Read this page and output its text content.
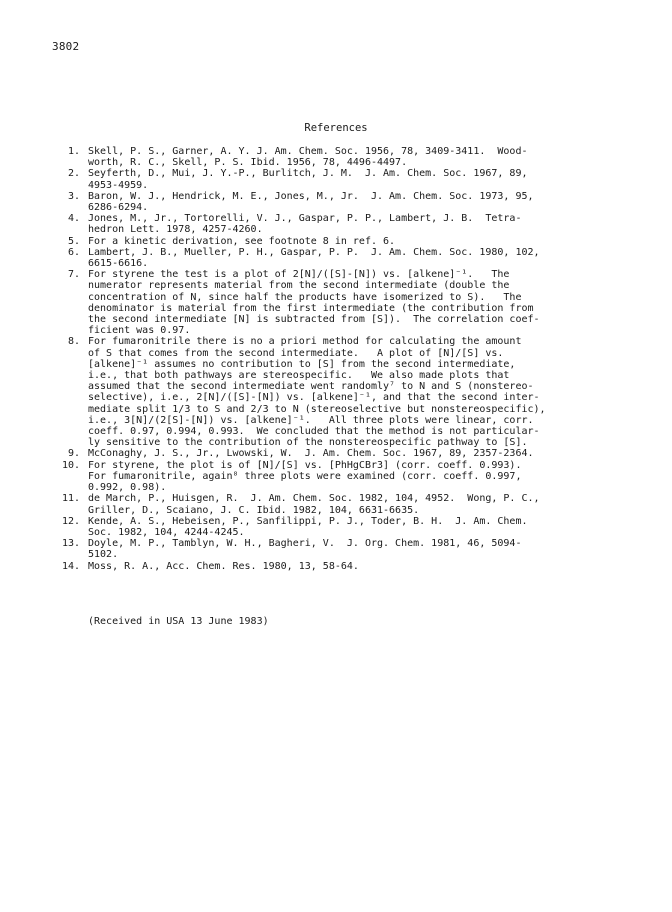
3802
References
1. Skell, P. S., Garner, A. Y. J. Am. Chem. Soc. 1956, 78, 3409-3411.  Wood-
worth, R. C., Skell, P. S. Ibid. 1956, 78, 4496-4497.
2. Seyferth, D., Mui, J. Y.-P., Burlitch, J. M.  J. Am. Chem. Soc. 1967, 89,
4953-4959.
3. Baron, W. J., Hendrick, M. E., Jones, M., Jr.  J. Am. Chem. Soc. 1973, 95,
6286-6294.
4. Jones, M., Jr., Tortorelli, V. J., Gaspar, P. P., Lambert, J. B.  Tetra-
hedron Lett. 1978, 4257-4260.
5. For a kinetic derivation, see footnote 8 in ref. 6.
6. Lambert, J. B., Mueller, P. H., Gaspar, P. P.  J. Am. Chem. Soc. 1980, 102,
6615-6616.
7. For styrene the test is a plot of 2[N]/([S]-[N]) vs. [alkene]⁻¹.   The
numerator represents material from the second intermediate (double the
concentration of N, since half the products have isomerized to S).   The
denominator is material from the first intermediate (the contribution from
the second intermediate [N] is subtracted from [S]).  The correlation coef-
ficient was 0.97.
8. For fumaronitrile there is no a priori method for calculating the amount
of S that comes from the second intermediate.   A plot of [N]/[S] vs.
[alkene]⁻¹ assumes no contribution to [S] from the second intermediate,
i.e., that both pathways are stereospecific.   We also made plots that
assumed that the second intermediate went randomly⁷ to N and S (nonstereo-
selective), i.e., 2[N]/([S]-[N]) vs. [alkene]⁻¹, and that the second inter-
mediate split 1/3 to S and 2/3 to N (stereoselective but nonstereospecific),
i.e., 3[N]/(2[S]-[N]) vs. [alkene]⁻¹.   All three plots were linear, corr.
coeff. 0.97, 0.994, 0.993.  We concluded that the method is not particular-
ly sensitive to the contribution of the nonstereospecific pathway to [S].
9. McConaghy, J. S., Jr., Lwowski, W.  J. Am. Chem. Soc. 1967, 89, 2357-2364.
10. For styrene, the plot is of [N]/[S] vs. [PhHgCBr3] (corr. coeff. 0.993).
For fumaronitrile, again⁸ three plots were examined (corr. coeff. 0.997,
0.992, 0.98).
11. de March, P., Huisgen, R.  J. Am. Chem. Soc. 1982, 104, 4952.  Wong, P. C.,
Griller, D., Scaiano, J. C. Ibid. 1982, 104, 6631-6635.
12. Kende, A. S., Hebeisen, P., Sanfilippi, P. J., Toder, B. H.  J. Am. Chem.
Soc. 1982, 104, 4244-4245.
13. Doyle, M. P., Tamblyn, W. H., Bagheri, V.  J. Org. Chem. 1981, 46, 5094-
5102.
14. Moss, R. A., Acc. Chem. Res. 1980, 13, 58-64.
(Received in USA 13 June 1983)
